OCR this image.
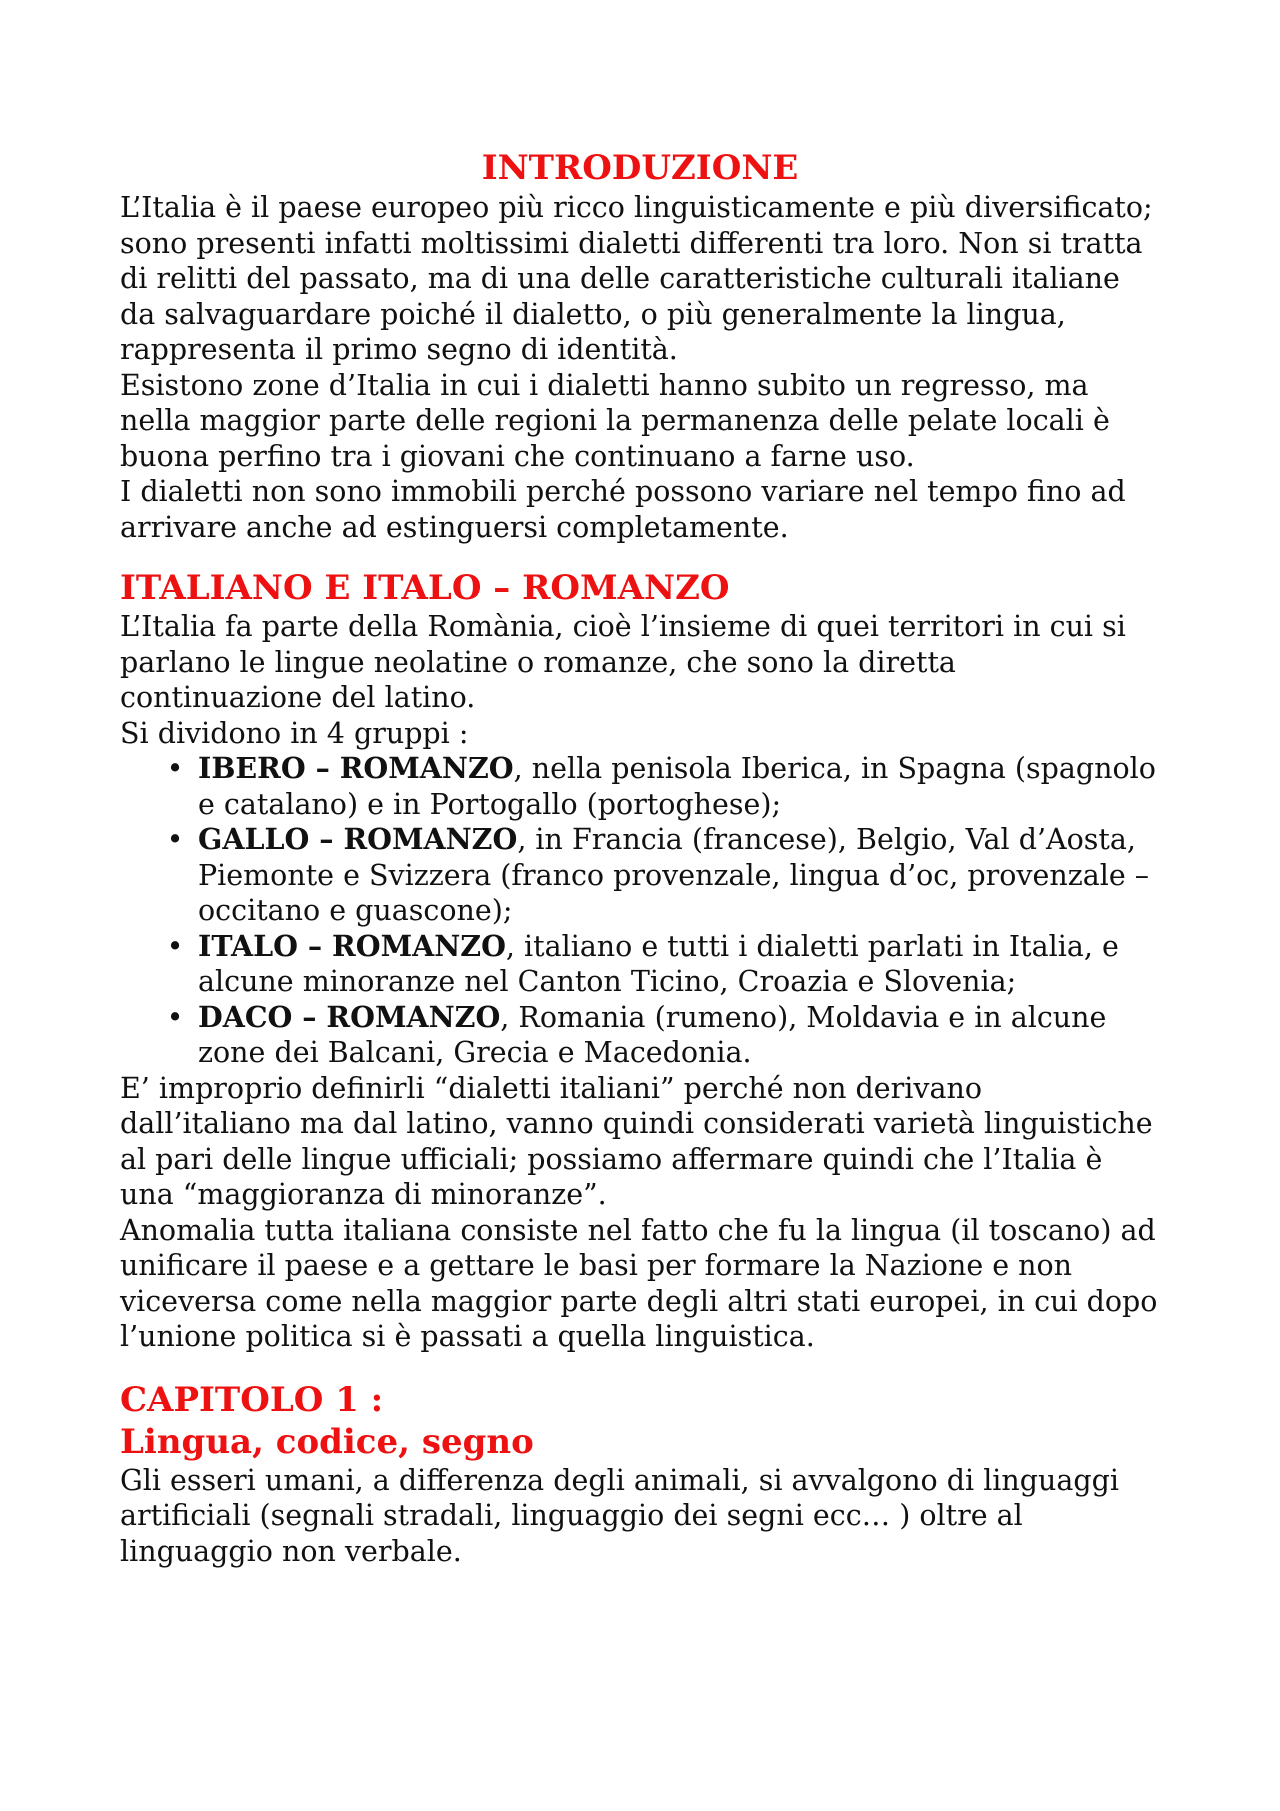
INTRODUZIONE

L’Italia è il paese europeo più ricco linguisticamente e più diversificato; sono presenti infatti moltissimi dialetti differenti tra loro. Non si tratta di relitti del passato, ma di una delle caratteristiche culturali italiane da salvaguardare poiché il dialetto, o più generalmente la lingua, rappresenta il primo segno di identità.

Esistono zone d’Italia in cui i dialetti hanno subito un regresso, ma nella maggior parte delle regioni la permanenza delle pelate locali è buona perfino tra i giovani che continuano a farne uso.

I dialetti non sono immobili perché possono variare nel tempo fino ad arrivare anche ad estinguersi completamente.

ITALIANO E ITALO – ROMANZO

L’Italia fa parte della Romània, cioè l’insieme di quei territori in cui si parlano le lingue neolatine o romanze, che sono la diretta continuazione del latino.

Si dividono in 4 gruppi :

• IBERO – ROMANZO, nella penisola Iberica, in Spagna (spagnolo e catalano) e in Portogallo (portoghese);
• GALLO – ROMANZO, in Francia (francese), Belgio, Val d’Aosta, Piemonte e Svizzera (franco provenzale, lingua d’oc, provenzale – occitano e guascone);
• ITALO – ROMANZO, italiano e tutti i dialetti parlati in Italia, e alcune minoranze nel Canton Ticino, Croazia e Slovenia;
• DACO – ROMANZO, Romania (rumeno), Moldavia e in alcune zone dei Balcani, Grecia e Macedonia.

E’ improprio definirli “dialetti italiani” perché non derivano dall’italiano ma dal latino, vanno quindi considerati varietà linguistiche al pari delle lingue ufficiali; possiamo affermare quindi che l’Italia è una “maggioranza di minoranze”.

Anomalia tutta italiana consiste nel fatto che fu la lingua (il toscano) ad unificare il paese e a gettare le basi per formare la Nazione e non viceversa come nella maggior parte degli altri stati europei, in cui dopo l’unione politica si è passati a quella linguistica.

CAPITOLO 1 :
Lingua, codice, segno

Gli esseri umani, a differenza degli animali, si avvalgono di linguaggi artificiali (segnali stradali, linguaggio dei segni ecc… ) oltre al linguaggio non verbale.
